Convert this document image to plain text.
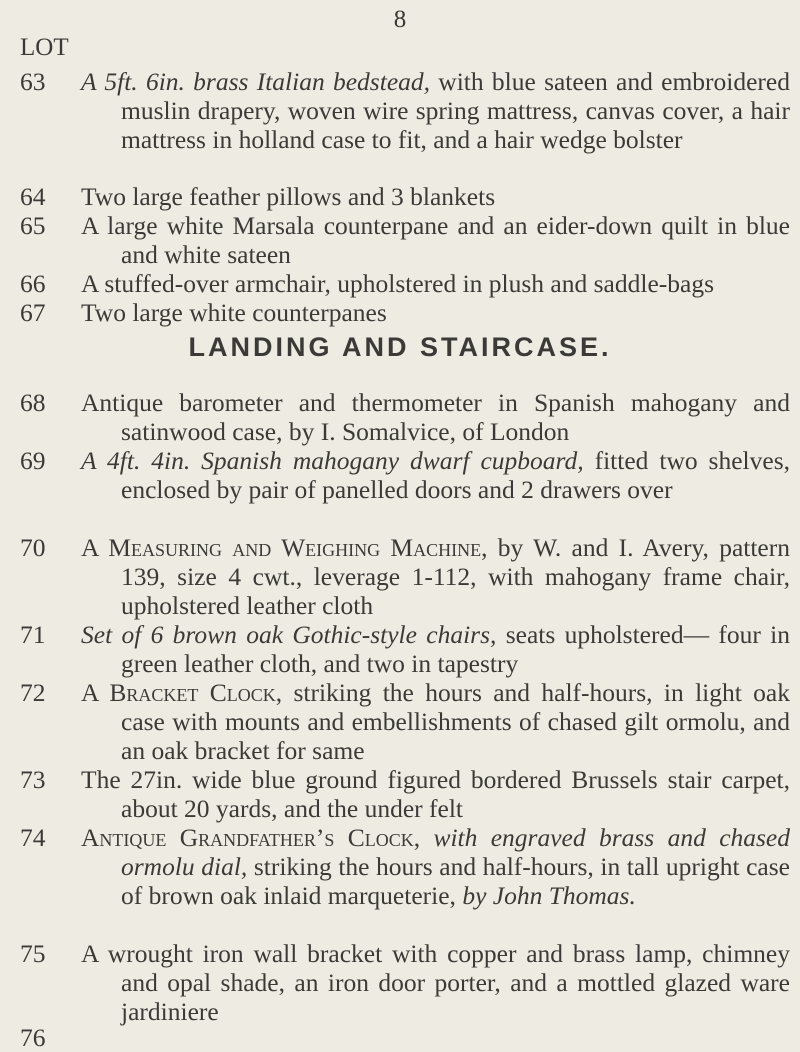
8
LOT
63 A 5ft. 6in. brass Italian bedstead, with blue sateen and embroidered muslin drapery, woven wire spring mattress, canvas cover, a hair mattress in holland case to fit, and a hair wedge bolster
64 Two large feather pillows and 3 blankets
65 A large white Marsala counterpane and an eider-down quilt in blue and white sateen
66 A stuffed-over armchair, upholstered in plush and saddle-bags
67 Two large white counterpanes
LANDING AND STAIRCASE.
68 Antique barometer and thermometer in Spanish mahogany and satinwood case, by I. Somalvice, of London
69 A 4ft. 4in. Spanish mahogany dwarf cupboard, fitted two shelves, enclosed by pair of panelled doors and 2 drawers over
70 A Measuring and Weighing Machine, by W. and I. Avery, pattern 139, size 4 cwt., leverage 1-112, with mahogany frame chair, upholstered leather cloth
71 Set of 6 brown oak Gothic-style chairs, seats upholstered— four in green leather cloth, and two in tapestry
72 A Bracket Clock, striking the hours and half-hours, in light oak case with mounts and embellishments of chased gilt ormolu, and an oak bracket for same
73 The 27in. wide blue ground figured bordered Brussels stair carpet, about 20 yards, and the under felt
74 Antique Grandfather’s Clock, with engraved brass and chased ormolu dial, striking the hours and half-hours, in tall upright case of brown oak inlaid marqueterie, by John Thomas.
75 A wrought iron wall bracket with copper and brass lamp, chimney and opal shade, an iron door porter, and a mottled glazed ware jardiniere
76
